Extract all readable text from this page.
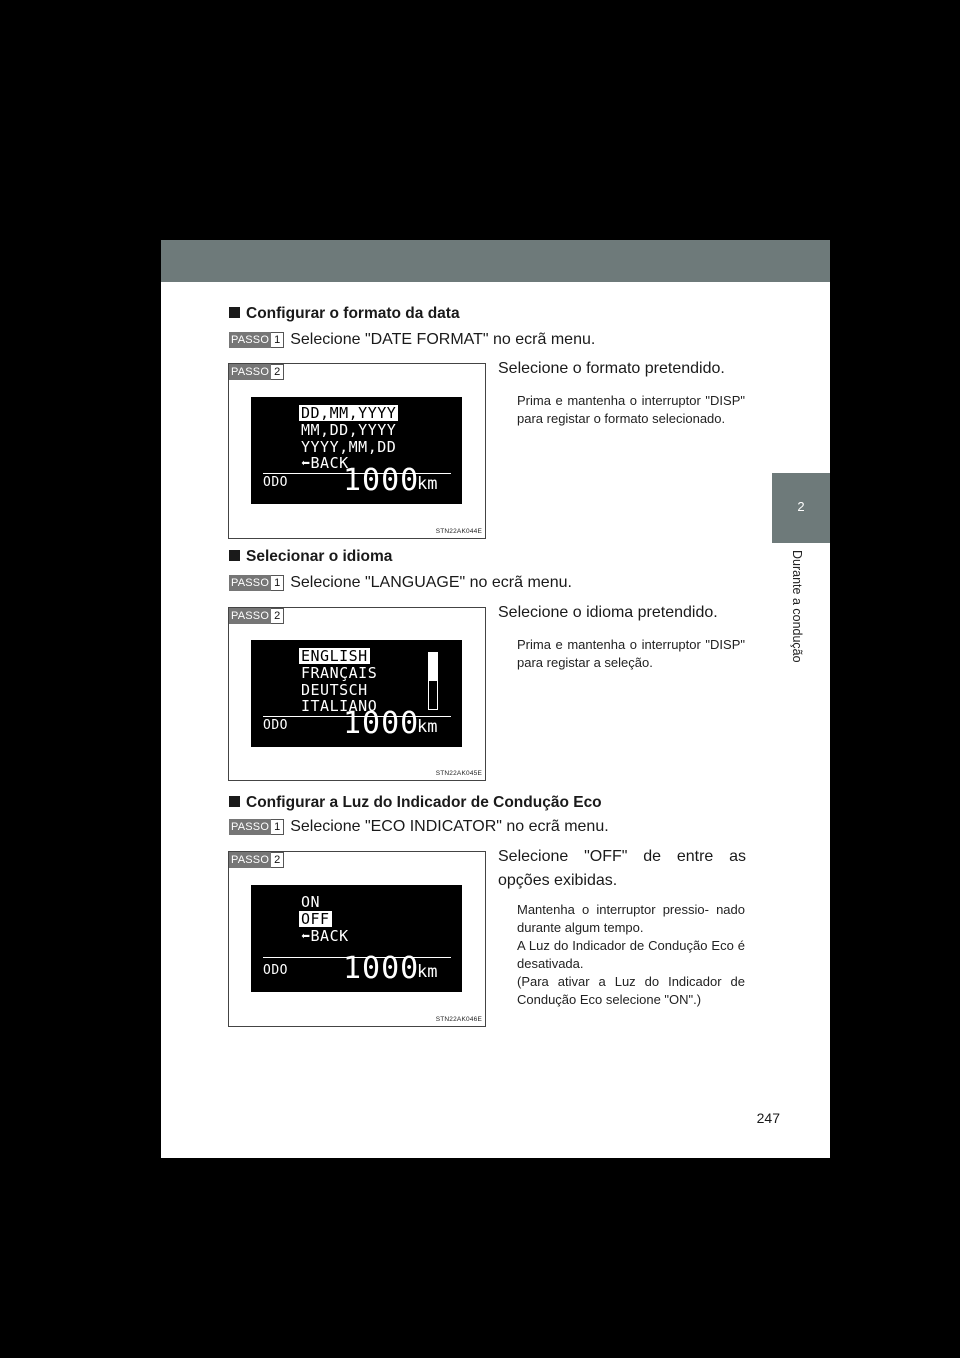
2
Durante a condução
247
Configurar o formato da data
PASSO 1 Selecione "DATE FORMAT" no ecrã menu.
PASSO 2
DD,MM,YYYY
MM,DD,YYYY
YYYY,MM,DD
⬅BACK
ODO 1000
km
STN22AK044E
Selecione o formato pretendido.
Prima e mantenha o interruptor "DISP" para registar o formato selecionado.
Selecionar o idioma
PASSO 1 Selecione "LANGUAGE" no ecrã menu.
PASSO 2
ENGLISH
FRANÇAIS
DEUTSCH
ITALIANO
ODO 1000
km
STN22AK045E
Selecione o idioma pretendido.
Prima e mantenha o interruptor "DISP" para registar a seleção.
Configurar a Luz do Indicador de Condução Eco
PASSO 1 Selecione "ECO INDICATOR" no ecrã menu.
PASSO 2
ON
OFF
⬅BACK
ODO 1000
km
STN22AK046E
Selecione "OFF" de entre as opções exibidas.
Mantenha o interruptor pressio- nado durante algum tempo.
A Luz do Indicador de Condução Eco é desativada.
(Para ativar a Luz do Indicador de Condução Eco selecione "ON".)
